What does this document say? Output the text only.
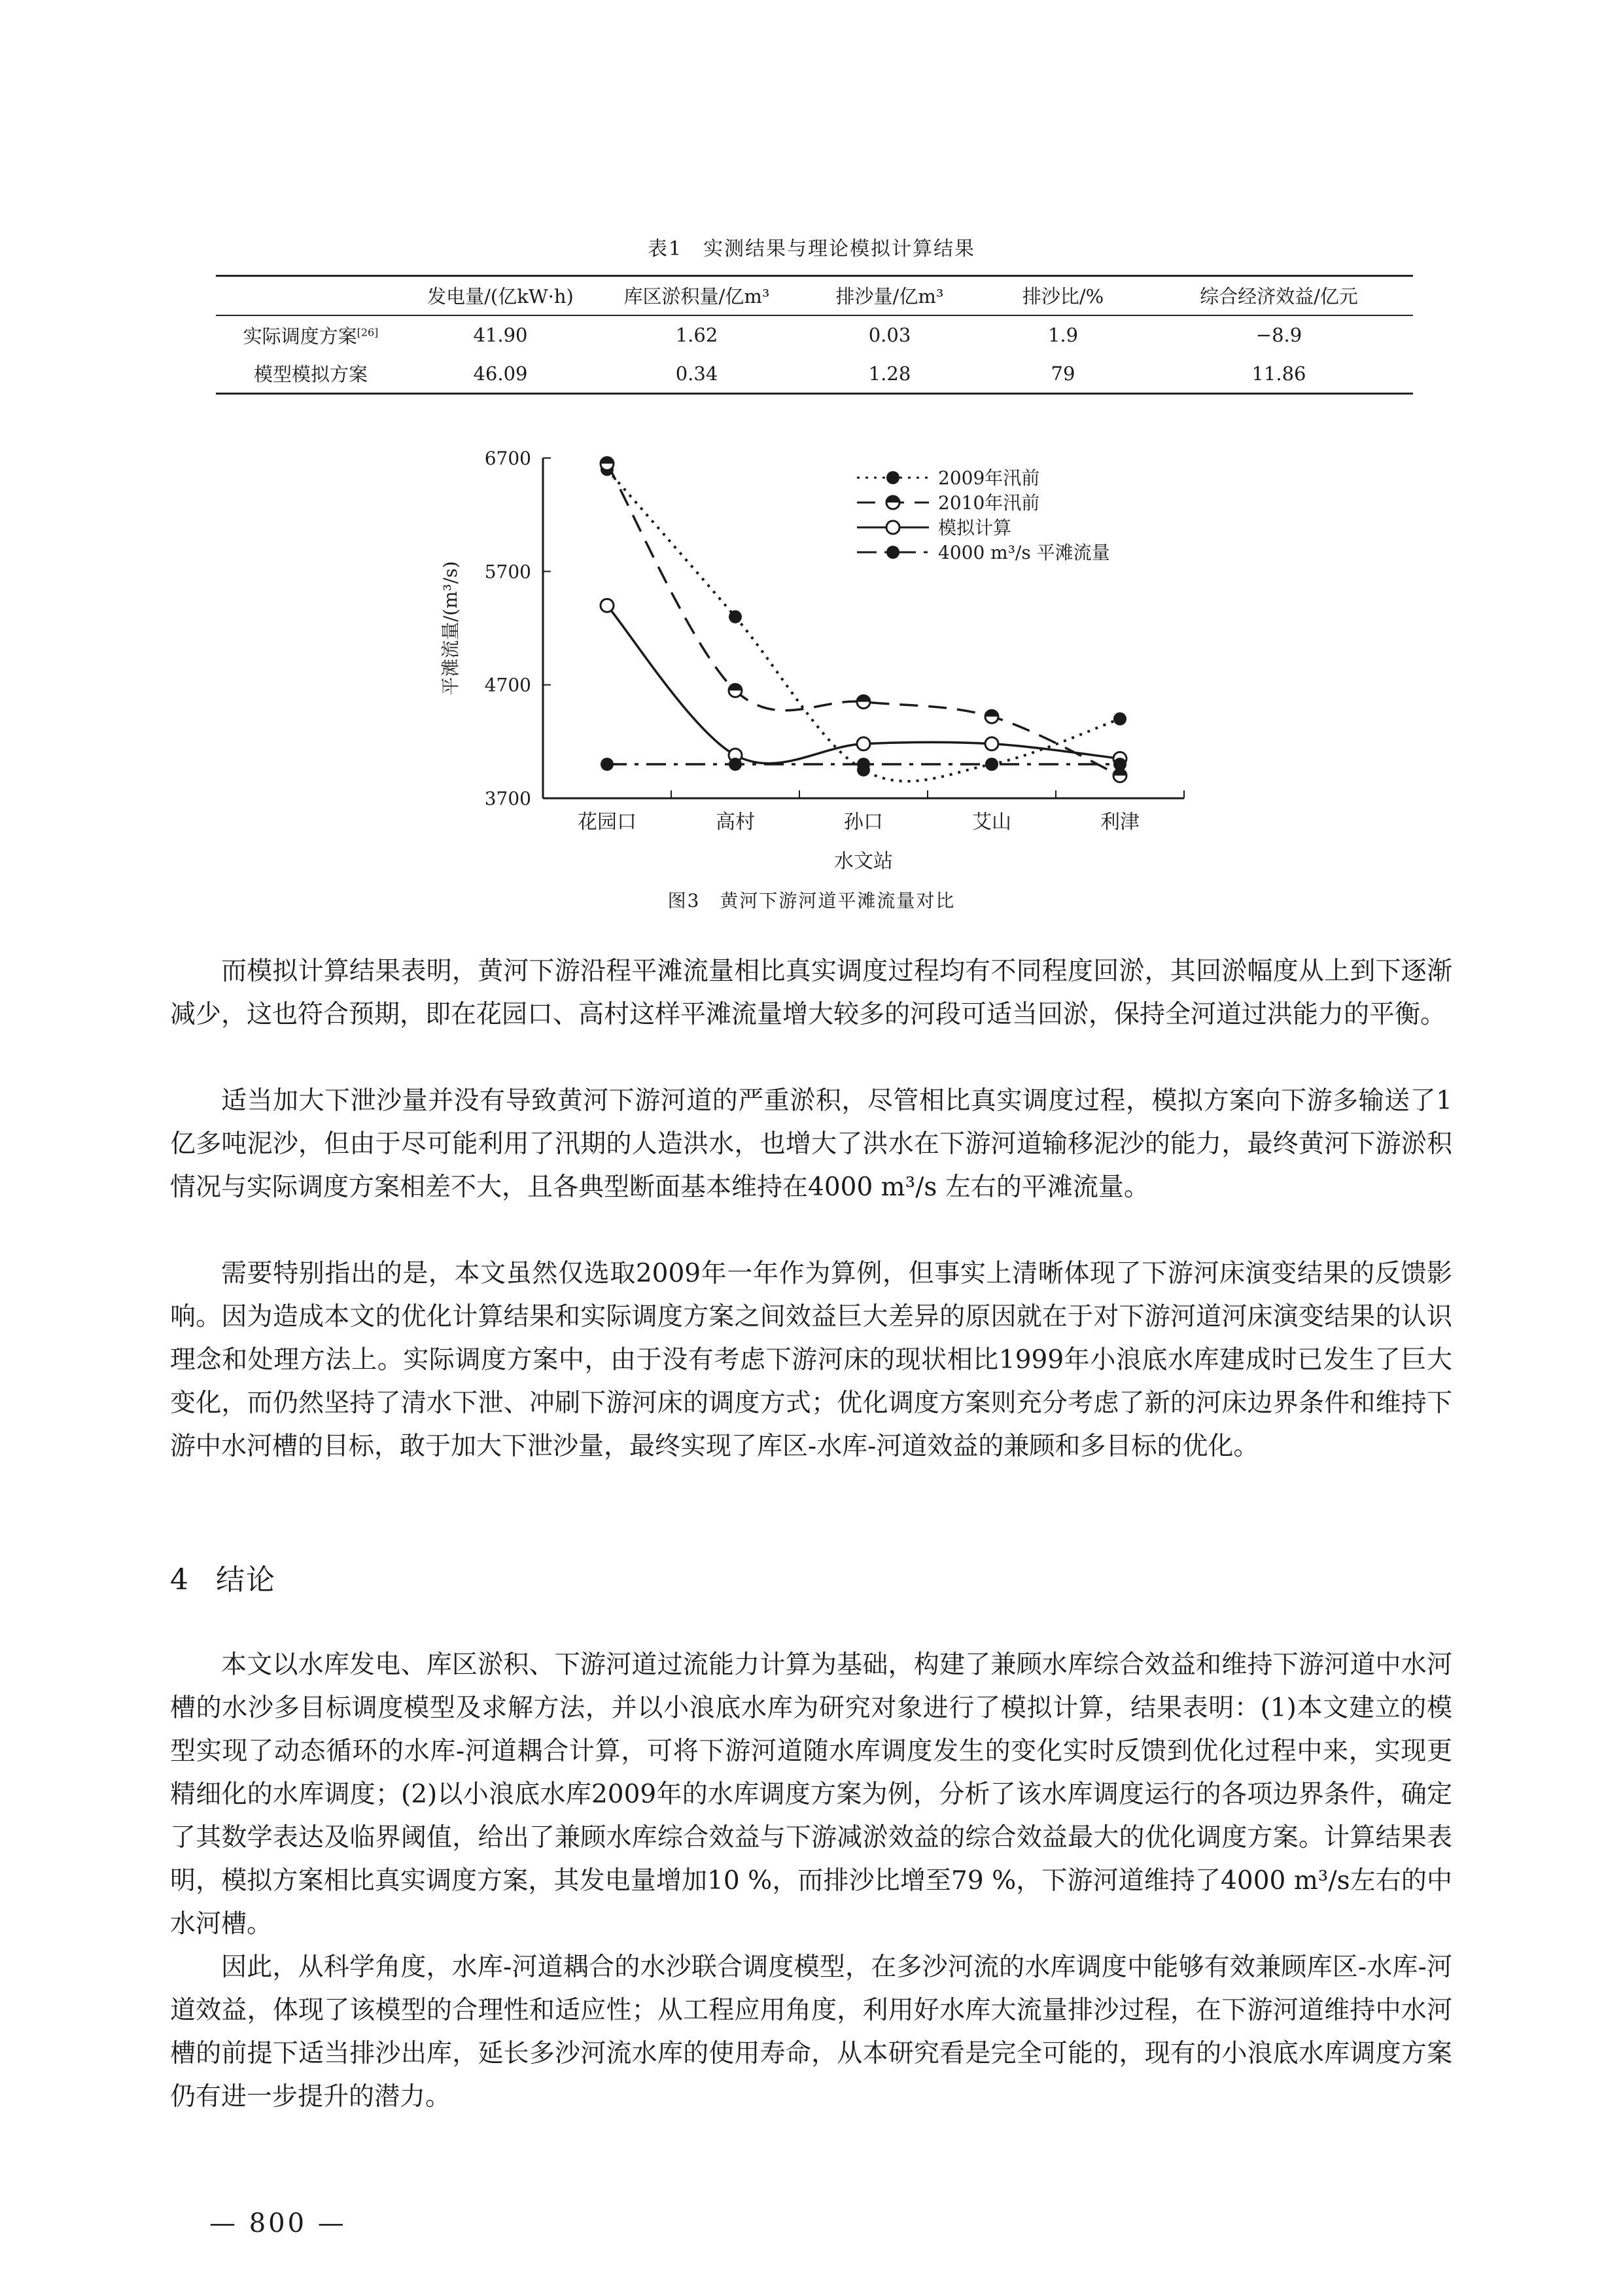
表1　实测结果与理论模拟计算结果
	发电量/(亿kW·h)	库区淤积量/亿m³	排沙量/亿m³	排沙比/%	综合经济效益/亿元
实际调度方案[26]	41.90	1.62	0.03	1.9	−8.9
模型模拟方案	46.09	0.34	1.28	79	11.86
3700
4700
5700
6700
花园口	高村	孙口	艾山	利津
水文站
平滩流量/(m³/s)
2009年汛前
2010年汛前
模拟计算
4000 m³/s 平滩流量
图3　黄河下游河道平滩流量对比

而模拟计算结果表明，黄河下游沿程平滩流量相比真实调度过程均有不同程度回淤，其回淤幅度从上到下逐渐减少，这也符合预期，即在花园口、高村这样平滩流量增大较多的河段可适当回淤，保持全河道过洪能力的平衡。

适当加大下泄沙量并没有导致黄河下游河道的严重淤积，尽管相比真实调度过程，模拟方案向下游多输送了1亿多吨泥沙，但由于尽可能利用了汛期的人造洪水，也增大了洪水在下游河道输移泥沙的能力，最终黄河下游淤积情况与实际调度方案相差不大，且各典型断面基本维持在4000 m³/s 左右的平滩流量。

需要特别指出的是，本文虽然仅选取2009年一年作为算例，但事实上清晰体现了下游河床演变结果的反馈影响。因为造成本文的优化计算结果和实际调度方案之间效益巨大差异的原因就在于对下游河道河床演变结果的认识理念和处理方法上。实际调度方案中，由于没有考虑下游河床的现状相比1999年小浪底水库建成时已发生了巨大变化，而仍然坚持了清水下泄、冲刷下游河床的调度方式；优化调度方案则充分考虑了新的河床边界条件和维持下游中水河槽的目标，敢于加大下泄沙量，最终实现了库区-水库-河道效益的兼顾和多目标的优化。

4 结论

本文以水库发电、库区淤积、下游河道过流能力计算为基础，构建了兼顾水库综合效益和维持下游河道中水河槽的水沙多目标调度模型及求解方法，并以小浪底水库为研究对象进行了模拟计算，结果表明：(1)本文建立的模型实现了动态循环的水库-河道耦合计算，可将下游河道随水库调度发生的变化实时反馈到优化过程中来，实现更精细化的水库调度；(2)以小浪底水库2009年的水库调度方案为例，分析了该水库调度运行的各项边界条件，确定了其数学表达及临界阈值，给出了兼顾水库综合效益与下游减淤效益的综合效益最大的优化调度方案。计算结果表明，模拟方案相比真实调度方案，其发电量增加10 %，而排沙比增至79 %，下游河道维持了4000 m³/s左右的中水河槽。

因此，从科学角度，水库-河道耦合的水沙联合调度模型，在多沙河流的水库调度中能够有效兼顾库区-水库-河道效益，体现了该模型的合理性和适应性；从工程应用角度，利用好水库大流量排沙过程，在下游河道维持中水河槽的前提下适当排沙出库，延长多沙河流水库的使用寿命，从本研究看是完全可能的，现有的小浪底水库调度方案仍有进一步提升的潜力。

— 800 —
